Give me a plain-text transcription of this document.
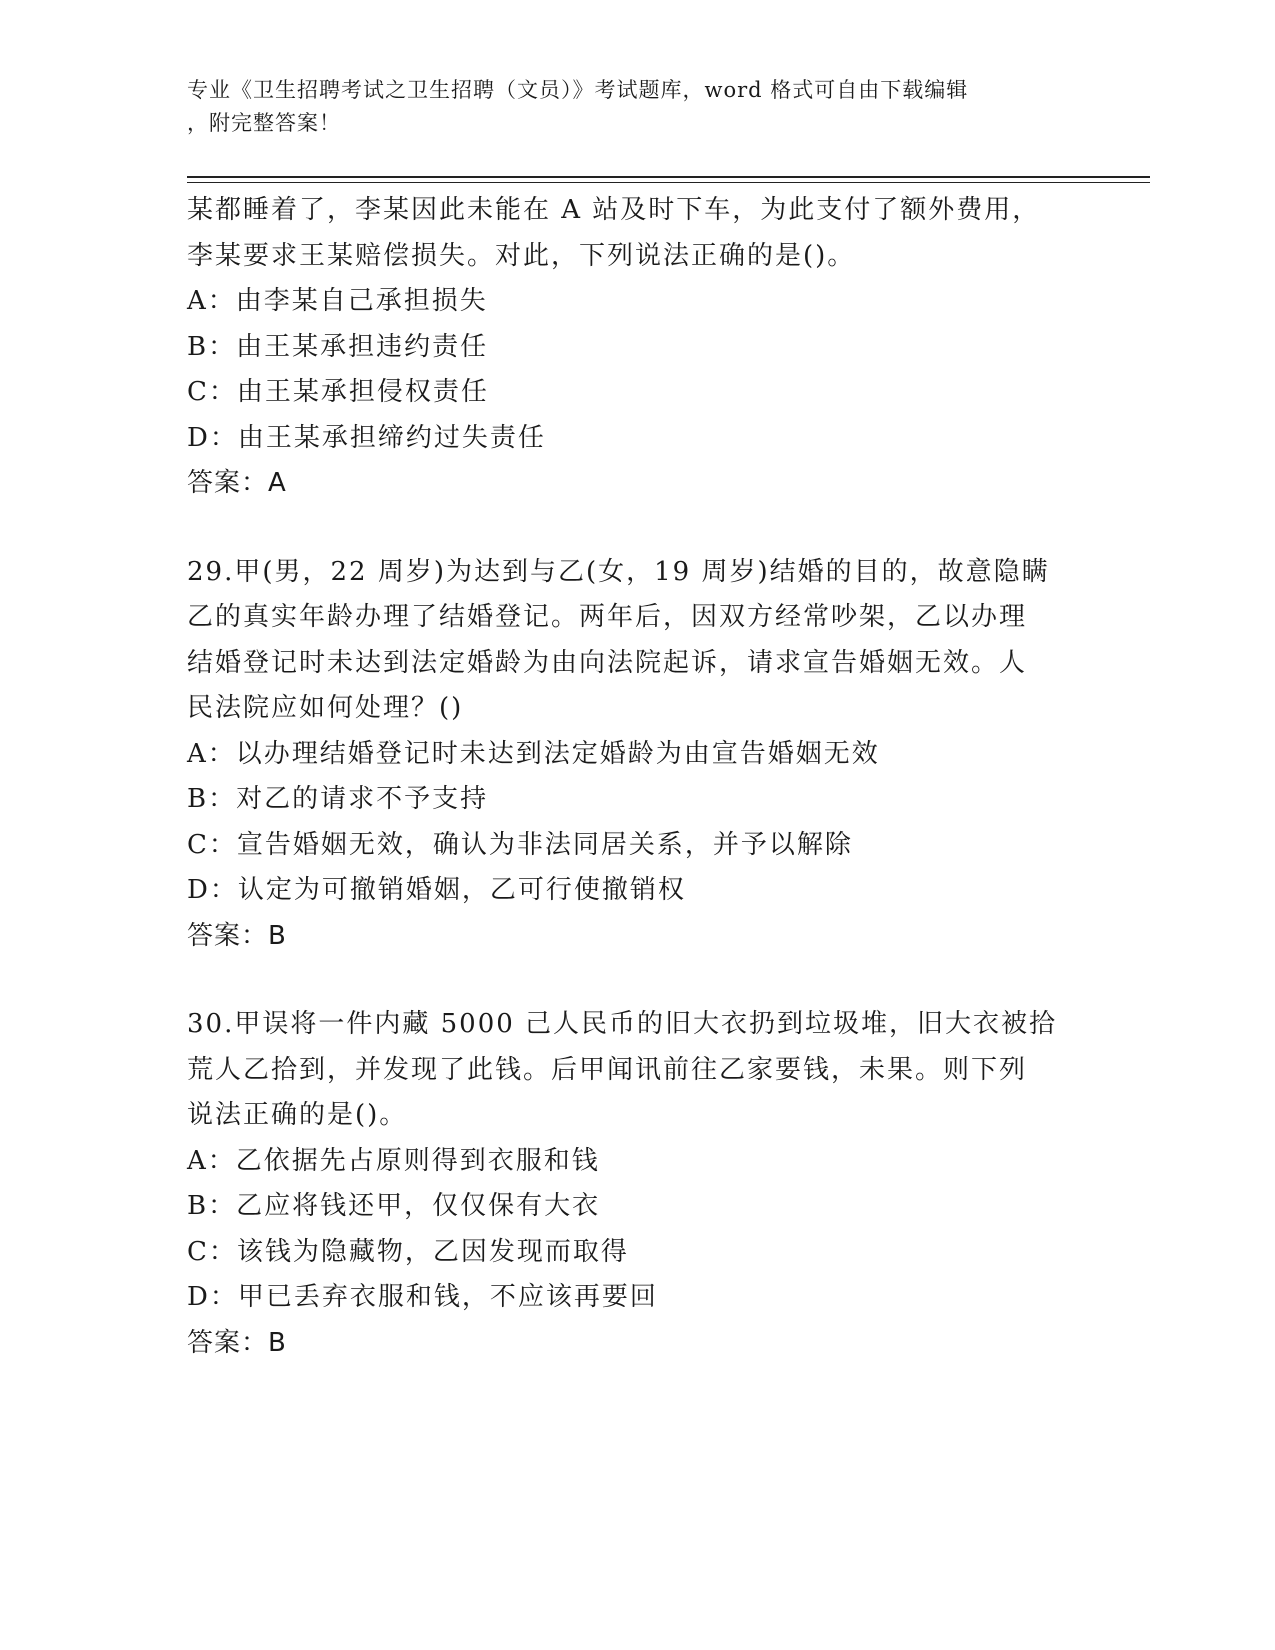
专业《卫生招聘考试之卫生招聘（文员）》考试题库，word 格式可自由下载编辑
，附完整答案！
某都睡着了，李某因此未能在 A 站及时下车，为此支付了额外费用，
李某要求王某赔偿损失。对此，下列说法正确的是()。
A：由李某自己承担损失
B：由王某承担违约责任
C：由王某承担侵权责任
D：由王某承担缔约过失责任
答案：A
29.甲(男，22 周岁)为达到与乙(女，19 周岁)结婚的目的，故意隐瞒
乙的真实年龄办理了结婚登记。两年后，因双方经常吵架，乙以办理
结婚登记时未达到法定婚龄为由向法院起诉，请求宣告婚姻无效。人
民法院应如何处理？()
A：以办理结婚登记时未达到法定婚龄为由宣告婚姻无效
B：对乙的请求不予支持
C：宣告婚姻无效，确认为非法同居关系，并予以解除
D：认定为可撤销婚姻，乙可行使撤销权
答案：B
30.甲误将一件内藏 5000 己人民币的旧大衣扔到垃圾堆，旧大衣被拾
荒人乙拾到，并发现了此钱。后甲闻讯前往乙家要钱，未果。则下列
说法正确的是()。
A：乙依据先占原则得到衣服和钱
B：乙应将钱还甲，仅仅保有大衣
C：该钱为隐藏物，乙因发现而取得
D：甲已丢弃衣服和钱，不应该再要回
答案：B
